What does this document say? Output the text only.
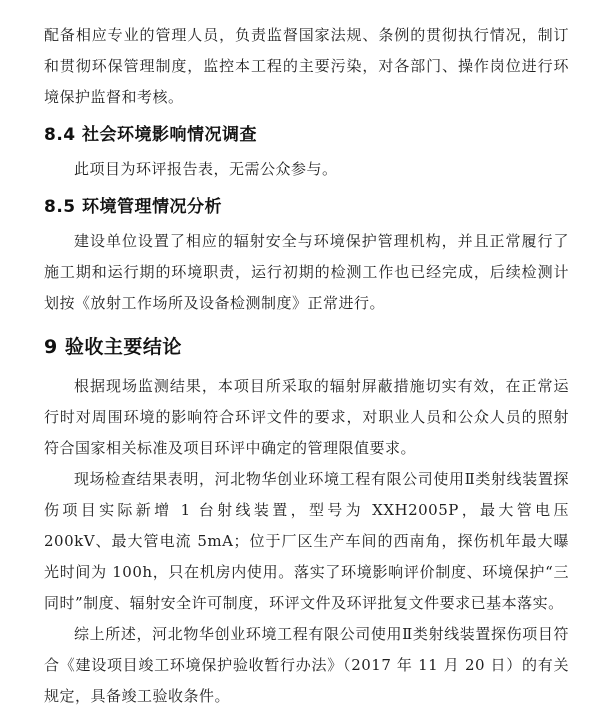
配备相应专业的管理人员，负责监督国家法规、条例的贯彻执行情况，制订和贯彻环保管理制度，监控本工程的主要污染，对各部门、操作岗位进行环境保护监督和考核。

8.4 社会环境影响情况调查

此项目为环评报告表，无需公众参与。

8.5 环境管理情况分析

建设单位设置了相应的辐射安全与环境保护管理机构，并且正常履行了施工期和运行期的环境职责，运行初期的检测工作也已经完成，后续检测计划按《放射工作场所及设备检测制度》正常进行。

9 验收主要结论

根据现场监测结果，本项目所采取的辐射屏蔽措施切实有效，在正常运行时对周围环境的影响符合环评文件的要求，对职业人员和公众人员的照射符合国家相关标准及项目环评中确定的管理限值要求。

现场检查结果表明，河北物华创业环境工程有限公司使用Ⅱ类射线装置探伤项目实际新增 1 台射线装置，型号为 XXH2005P，最大管电压 200kV、最大管电流 5mA；位于厂区生产车间的西南角，探伤机年最大曝光时间为 100h，只在机房内使用。落实了环境影响评价制度、环境保护“三同时”制度、辐射安全许可制度，环评文件及环评批复文件要求已基本落实。

综上所述，河北物华创业环境工程有限公司使用Ⅱ类射线装置探伤项目符合《建设项目竣工环境保护验收暂行办法》（2017 年 11 月 20 日）的有关规定，具备竣工验收条件。
